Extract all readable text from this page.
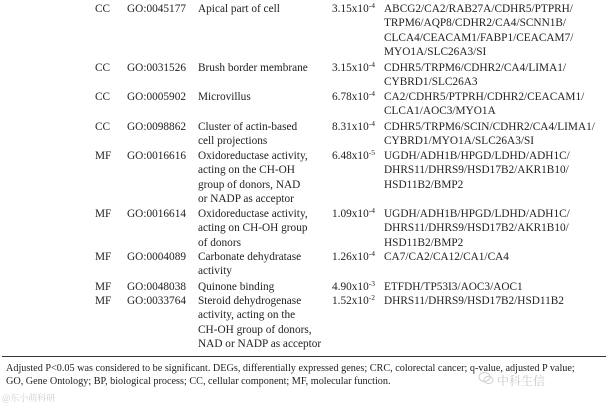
CC GO:0045177 Apical part of cell	$3.15x10^{-4}$ ABCG2/CA2/RAB27A/CDHR5/PTPRH/
TRPM6/AQP8/CDHR2/CA4/SCNN1B/
CLCA4/CEACAM1/FABP1/CEACAM7/
MYO1A/SLC26A3/SI
CC GO:0031526 Brush border membrane $3.15x10^{-4}$ CDHR5/TRPM6/CDHR2/CA4/LIMA1/
CYBRD1/SLC26A3
CC GO:0005902 Microvillus	$6.78x10^{-4}$ CA2/CDHR5/PTPRH/CDHR2/CEACAM1/
CLCA1/AOC3/MYO1A
CC GO:0098862 Cluster of actin-based
cell projections
$8.31x10^{-4}$ CDHR5/TRPM6/SCIN/CDHR2/CA4/LIMA1/
CYBRD1/MYO1A/SLC26A3/SI
MF GO:0016616 Oxidoreductase activity,
acting on the CH-OH
group of donors, NAD
or NADP as acceptor
$6.48x10^{-5}$ UGDH/ADH1B/HPGD/LDHD/ADH1C/
DHRS11/DHRS9/HSD17B2/AKR1B10/
HSD11B2/BMP2
MF GO:0016614 Oxidoreductase activity,
acting on CH-OH group
of donors
$1.09x10^{-4}$ UGDH/ADH1B/HPGD/LDHD/ADH1C/
DHRS11/DHRS9/HSD17B2/AKR1B10/
HSD11B2/BMP2
MF GO:0004089 Carbonate dehydratase
activity
$1.26x10^{-4}$ CA7/CA2/CA12/CA1/CA4
MF GO:0048038 Quinone binding	$4.90x10^{-3}$ ETFDH/TP53I3/AOC3/AOC1
MF GO:0033764 Steroid dehydrogenase
activity, acting on the
CH-OH group of donors,
NAD or NADP as acceptor
$1.52x10^{-2}$ DHRS11/DHRS9/HSD17B2/HSD11B2
Adjusted P<0.05 was considered to be significant. DEGs, differentially expressed genes; CRC, colorectal cancer; q-value, adjusted P value;
GO, Gene Ontology; BP, biological process; CC, cellular component; MF, molecular function.	中科生信
@东小萌科研
